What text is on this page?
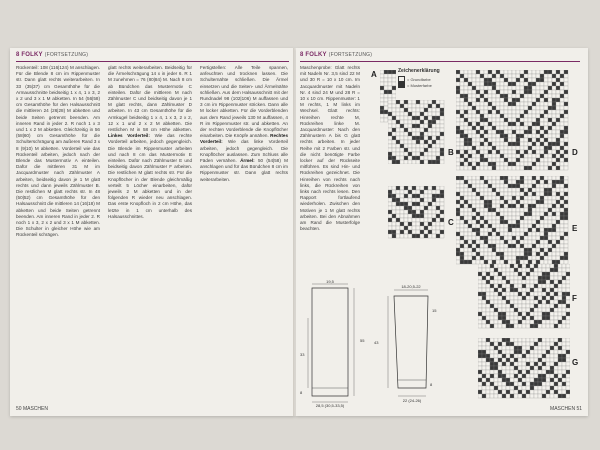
8 FOLKY (FORTSETZUNG)
Rückenteil: 108 (116|124) M anschlagen. Für die Blende 8 cm im Rippenmuster str. Dann glatt rechts weiterarbeiten. In 33 (35|37) cm Gesamthöhe für die Armausschnitte beidseitig 1 x 4, 1 x 3, 2 x 2 und 3 x 1 M abketten. In 54 (56|58) cm Gesamthöhe für den Halsausschnitt die mittleren 24 (26|28) M abketten und beide Seiten getrennt beenden. Am inneren Rand in jeder 2. R noch 1 x 3 und 1 x 2 M abketten. Gleichzeitig in 56 (58|60) cm Gesamthöhe für die Schulterschrägung am äußeren Rand 3 x 8 (9|10) M abketten. Vorderteil wie das Rückenteil arbeiten, jedoch nach der Blende das Mustermotiv A einteilen. Dafür die mittleren 31 M im Jacquardmuster nach Zählmuster A arbeiten, beidseitig davon je 1 M glatt rechts und dann jeweils Zählmuster B. Die restlichen M glatt rechts str. In 48 (50|52) cm Gesamthöhe für den Halsausschnitt die mittleren 14 (16|18) M abketten und beide Seiten getrennt beenden. Am inneren Rand in jeder 2. R noch 1 x 3, 2 x 2 und 3 x 1 M abketten. Die Schulter in gleicher Höhe wie am Rückenteil schrägen.
glatt rechts weiterarbeiten. Beidseitig für die Ärmelschrägung 14 x in jeder 6. R 1 M zunehmen = 76 (80|84) M. Nach 8 cm ab Bündchen das Mustermotiv C einteilen. Dafür die mittleren M nach Zählmuster C und beidseitig davon je 1 M glatt rechts, dann Zählmuster D arbeiten. In 43 cm Gesamthöhe für die Armkugel beidseitig 1 x 4, 1 x 3, 2 x 2, 12 x 1 und 2 x 2 M abketten. Die restlichen M in 58 cm Höhe abketten. Linkes Vorderteil: Wie das rechte Vorderteil arbeiten, jedoch gegengleich. Die Blende im Rippenmuster arbeiten und nach 8 cm das Mustermotiv E einteilen. Dafür nach Zählmuster E und beidseitig davon Zählmuster F arbeiten. Die restlichen M glatt rechts str. Für die Knopflöcher in der Blende gleichmäßig verteilt 5 Löcher einarbeiten, dafür jeweils 2 M abketten und in der folgenden R wieder neu anschlagen. Das erste Knopfloch in 2 cm Höhe, das letzte in 1 cm unterhalb des Halsausschnittes.
Fertigstellen: Alle Teile spannen, anfeuchten und trocknen lassen. Die Schulternähte schließen. Die Ärmel einsetzen und die Seiten- und Ärmelnähte schließen. Aus dem Halsausschnitt mit der Rundnadel 98 (102|106) M auffassen und 3 cm im Rippenmuster stricken. Dann alle M locker abketten. Für die Vorderblenden aus dem Rand jeweils 130 M auffassen, 4 R im Rippenmuster str. und abketten. An der rechten Vorderblende die Knopflöcher einarbeiten. Die Knöpfe annähen. Rechtes Vorderteil: Wie das linke Vorderteil arbeiten, jedoch gegengleich. Die Knopflöcher auslassen. Zum Schluss alle Fäden vernähen. Ärmel: 50 (54|58) M anschlagen und für das Bündchen 8 cm im Rippenmuster str. Dann glatt rechts weiterarbeiten.
50 MASCHEN
8 FOLKY (FORTSETZUNG)
Maschenprobe: Glatt rechts mit Nadeln Nr. 3,5 sind 22 M und 30 R = 10 x 10 cm. Im Jacquardmuster mit Nadeln Nr. 4 sind 24 M und 28 R = 10 x 10 cm. Rippenmuster: 1 M rechts, 1 M links im Wechsel. Glatt rechts: Hinreihen rechte M, Rückreihen linke M. Jacquardmuster: Nach den Zählmustern A bis G glatt rechts arbeiten. In jeder Reihe mit 2 Farben str. und die nicht benötigte Farbe locker auf der Rückseite mitführen. Es sind Hin- und Rückreihen gezeichnet. Die Hinreihen von rechts nach links, die Rückreihen von links nach rechts lesen. Den Rapport fortlaufend wiederholen. Zwischen den Motiven je 1 M glatt rechts arbeiten. Bei den Abnahmen am Rand die Musterfolge beachten.
Zeichenerklärung
= Grundfarbe
= Musterfarbe
A
B
C
D
E
F
G
19,5
55
33
28,5 (30,5-33,5)
8
18-20,5-22
15
43
22 (24-26)
8
MASCHEN 51
